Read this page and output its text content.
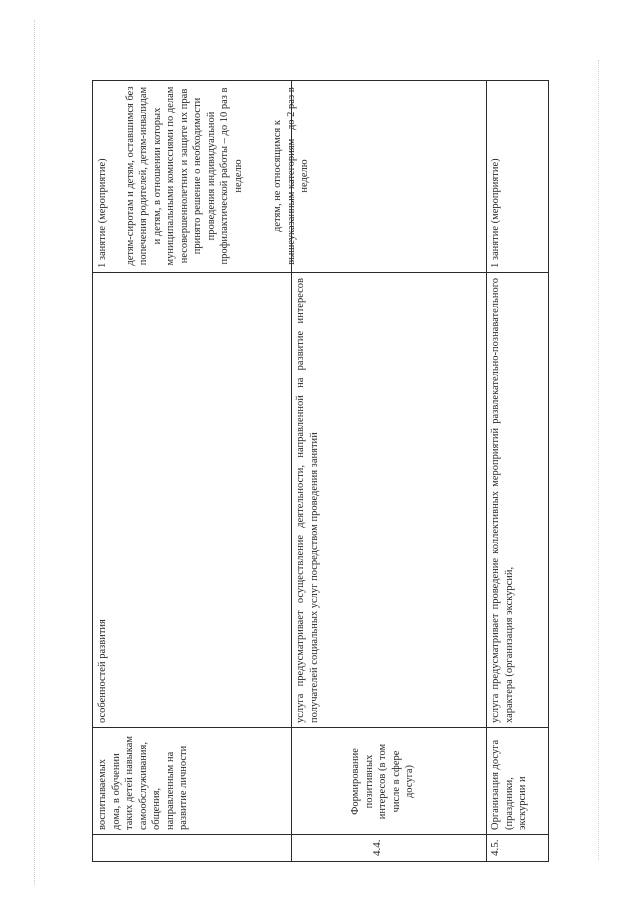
воспитываемых дома, в обучении таких детей навыкам самообслуживания, общения, направленным на развитие личности
особенностей развития

1 занятие (мероприятие) детям-сиротам и детям, оставшимся без попечения родителей, детям-инвалидам и детям, в отношении которых муниципальными комиссиями по делам несовершеннолетних и защите их прав принято решение о необходимости проведения индивидуальной профилактической работы – до 10 раз в неделю	детям, не относящимся к вышеуказанным категориям - до 2 раз в неделю

4.4.
Формирование позитивных интересов (в том числе в сфере досуга)
услуга предусматривает осуществление деятельности, направленной на развитие интересов получателей социальных услуг посредством проведения занятий
4.5.
Организация досуга (праздники, экскурсии и
услуга предусматривает проведение коллективных мероприятий развлекательно-познавательного характера (организация экскурсий,
1 занятие (мероприятие)
